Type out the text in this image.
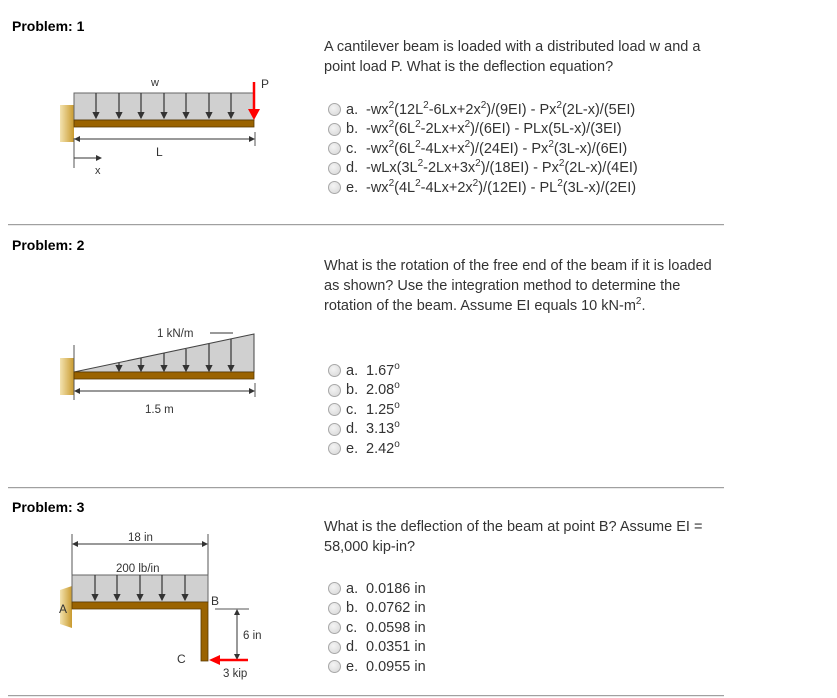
Problem: 1
w	P
L
x
A cantilever beam is loaded with a distributed load w and a point load P. What is the deflection equation?
a. $-wx^2(12L^2-6Lx+2x^2)/(9EI) - Px^2(2L-x)/(5EI)$
b. $-wx^2(6L^2-2Lx+x^2)/(6EI) - PLx(5L-x)/(3EI)$
c. $-wx^2(6L^2-4Lx+x^2)/(24EI) - Px^2(3L-x)/(6EI)$
d. $-wLx(3L^2-2Lx+3x^2)/(18EI) - Px^2(2L-x)/(4EI)$
e. $-wx^2(4L^2-4Lx+2x^2)/(12EI) - PL^2(3L-x)/(2EI)$
Problem: 2
1 kN/m
1.5 m
What is the rotation of the free end of the beam if it is loaded as shown? Use the integration method to determine the rotation of the beam. Assume EI equals 10 $kN-m^2$.
a. 1.67$^o$
b. 2.08$^o$
c. 1.25$^o$
d. 3.13$^o$
e. 2.42$^o$
Problem: 3
18 in
200 lb/in
A
B
C
6 in
3 kip
What is the deflection of the beam at point B? Assume EI = 58,000 kip-in?
a. 0.0186 in
b. 0.0762 in
c. 0.0598 in
d. 0.0351 in
e. 0.0955 in
